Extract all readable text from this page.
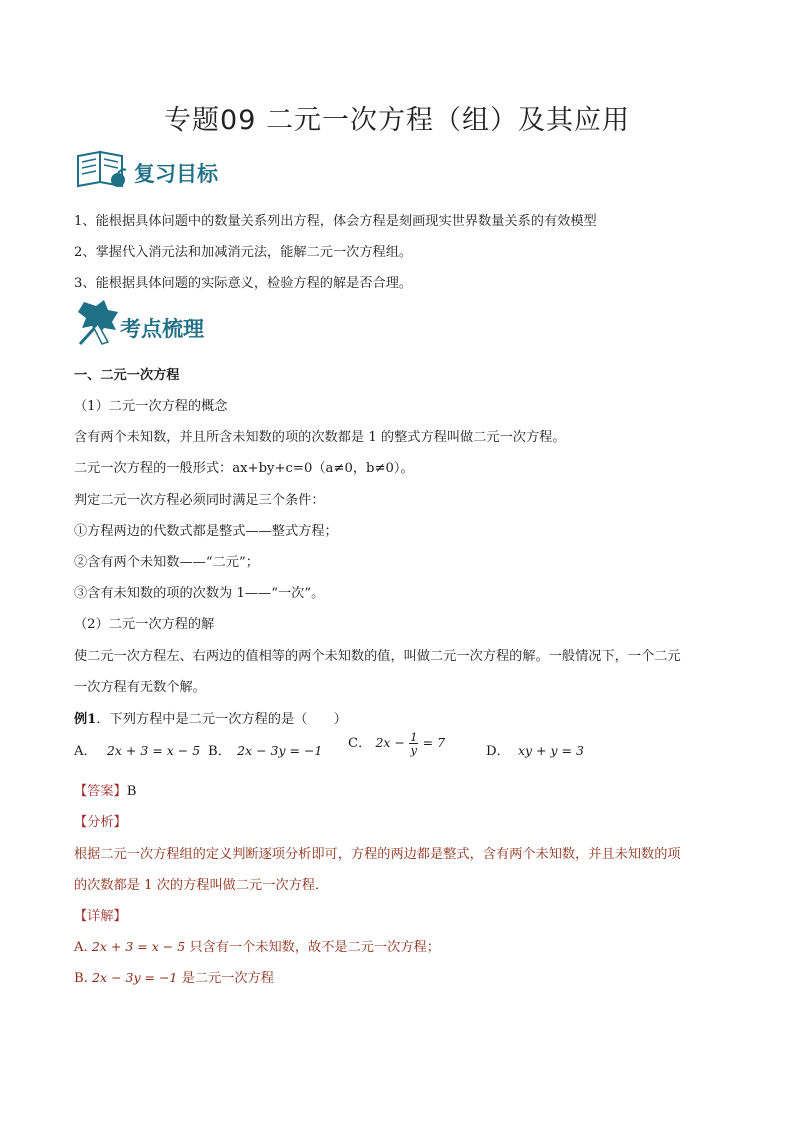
专题09 二元一次方程（组）及其应用
复习目标
1、能根据具体问题中的数量关系列出方程，体会方程是刻画现实世界数量关系的有效模型
2、掌握代入消元法和加减消元法，能解二元一次方程组。
3、能根据具体问题的实际意义，检验方程的解是否合理。
考点梳理
一、二元一次方程
（1）二元一次方程的概念
含有两个未知数，并且所含未知数的项的次数都是 1 的整式方程叫做二元一次方程。
二元一次方程的一般形式：ax+by+c=0（a≠0，b≠0）。
判定二元一次方程必须同时满足三个条件：
①方程两边的代数式都是整式——整式方程；
②含有两个未知数——“二元”；
③含有未知数的项的次数为 1——“一次”。
（2）二元一次方程的解
使二元一次方程左、右两边的值相等的两个未知数的值，叫做二元一次方程的解。一般情况下，一个二元
一次方程有无数个解。
例1．下列方程中是二元一次方程的是（　　）
A． 2x + 3 = x − 5 B． 2x − 3y = −1 C． $2x - \frac{1}{y} = 7$
D． xy + y = 3
【答案】B
【分析】
根据二元一次方程组的定义判断逐项分析即可，方程的两边都是整式，含有两个未知数，并且未知数的项
的次数都是 1 次的方程叫做二元一次方程．
【详解】
A. 2x + 3 = x − 5 只含有一个未知数，故不是二元一次方程；
B. 2x − 3y = −1 是二元一次方程
